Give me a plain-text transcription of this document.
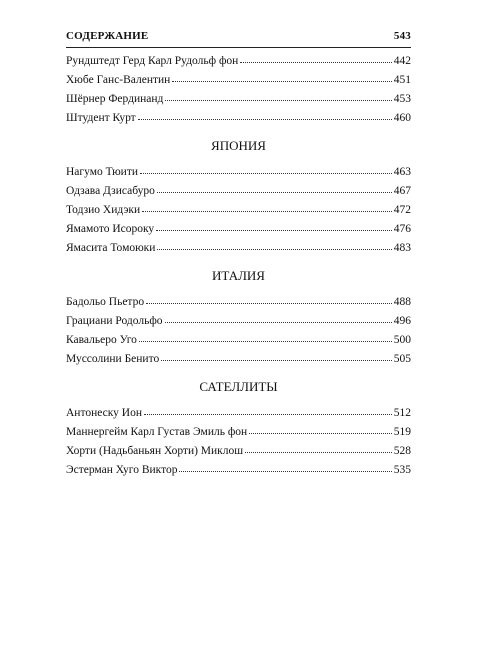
СОДЕРЖАНИЕ	543
Рундштедт Герд Карл Рудольф фон	442
Хюбе Ганс-Валентин	451
Шёрнер Фердинанд	453
Штудент Курт	460
ЯПОНИЯ
Нагумо Тюити	463
Одзава Дзисабуро	467
Тодзио Хидэки	472
Ямамото Исороку	476
Ямасита Томоюки	483
ИТАЛИЯ
Бадольо Пьетро	488
Грациани Родольфо	496
Кавальеро Уго	500
Муссолини Бенито	505
САТЕЛЛИТЫ
Антонеску Ион	512
Маннергейм Карл Густав Эмиль фон	519
Хорти (Надьбаньян Хорти) Миклош	528
Эстерман Хуго Виктор	535
